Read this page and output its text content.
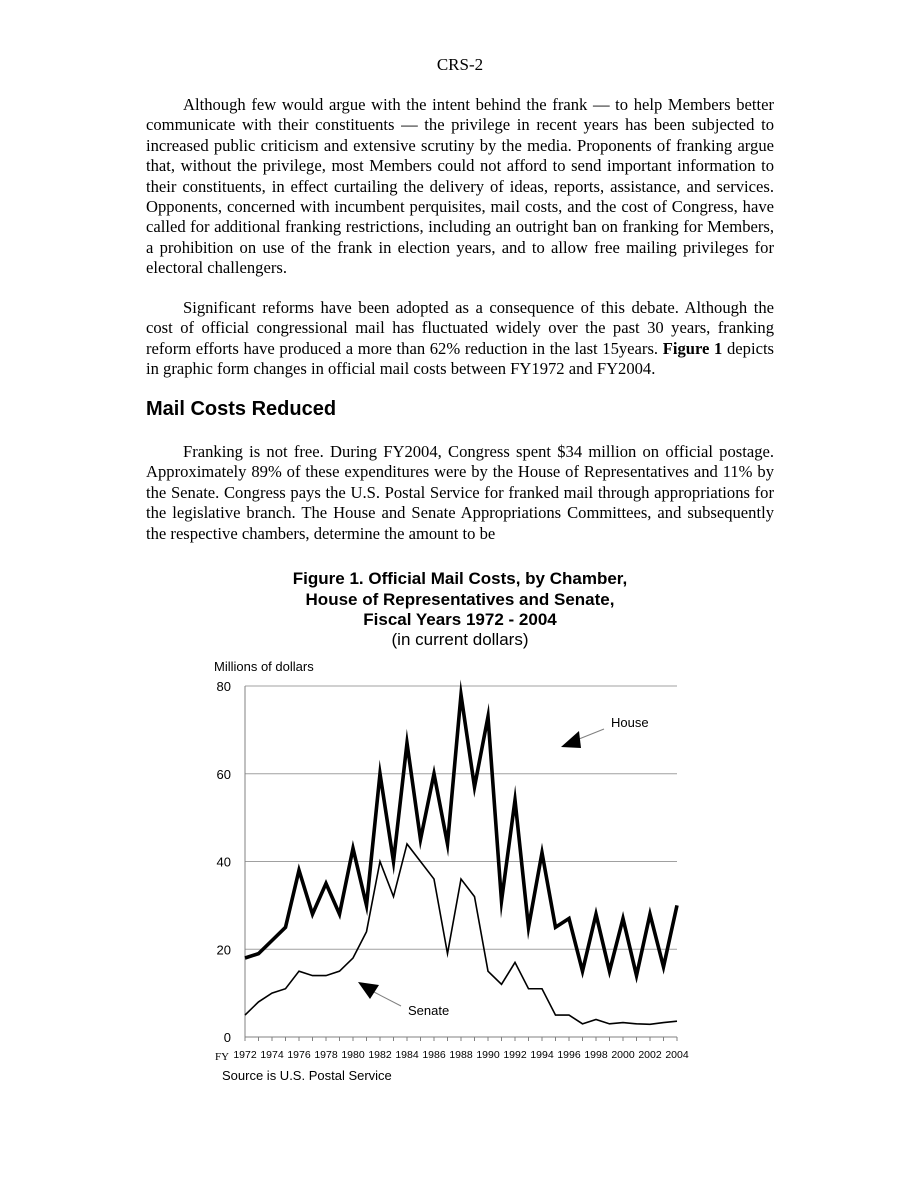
CRS-2

Although few would argue with the intent behind the frank — to help Members better communicate with their constituents — the privilege in recent years has been subjected to increased public criticism and extensive scrutiny by the media. Proponents of franking argue that, without the privilege, most Members could not afford to send important information to their constituents, in effect curtailing the delivery of ideas, reports, assistance, and services. Opponents, concerned with incumbent perquisites, mail costs, and the cost of Congress, have called for additional franking restrictions, including an outright ban on franking for Members, a prohibition on use of the frank in election years, and to allow free mailing privileges for electoral challengers.

Significant reforms have been adopted as a consequence of this debate. Although the cost of official congressional mail has fluctuated widely over the past 30 years, franking reform efforts have produced a more than 62% reduction in the last 15years. Figure 1 depicts in graphic form changes in official mail costs between FY1972 and FY2004.

Mail Costs Reduced

Franking is not free. During FY2004, Congress spent $34 million on official postage. Approximately 89% of these expenditures were by the House of Representatives and 11% by the Senate. Congress pays the U.S. Postal Service for franked mail through appropriations for the legislative branch. The House and Senate Appropriations Committees, and subsequently the respective chambers, determine the amount to be

Figure 1. Official Mail Costs, by Chamber,
House of Representatives and Senate,
Fiscal Years 1972 - 2004
(in current dollars)
Millions of dollars
0
20
40
60
80
1972 1974 1976 1978 1980 1982 1984 1986 1988 1990 1992 1994 1996 1998 2000 2002 2004
FY
House
Senate
Source is U.S. Postal Service
